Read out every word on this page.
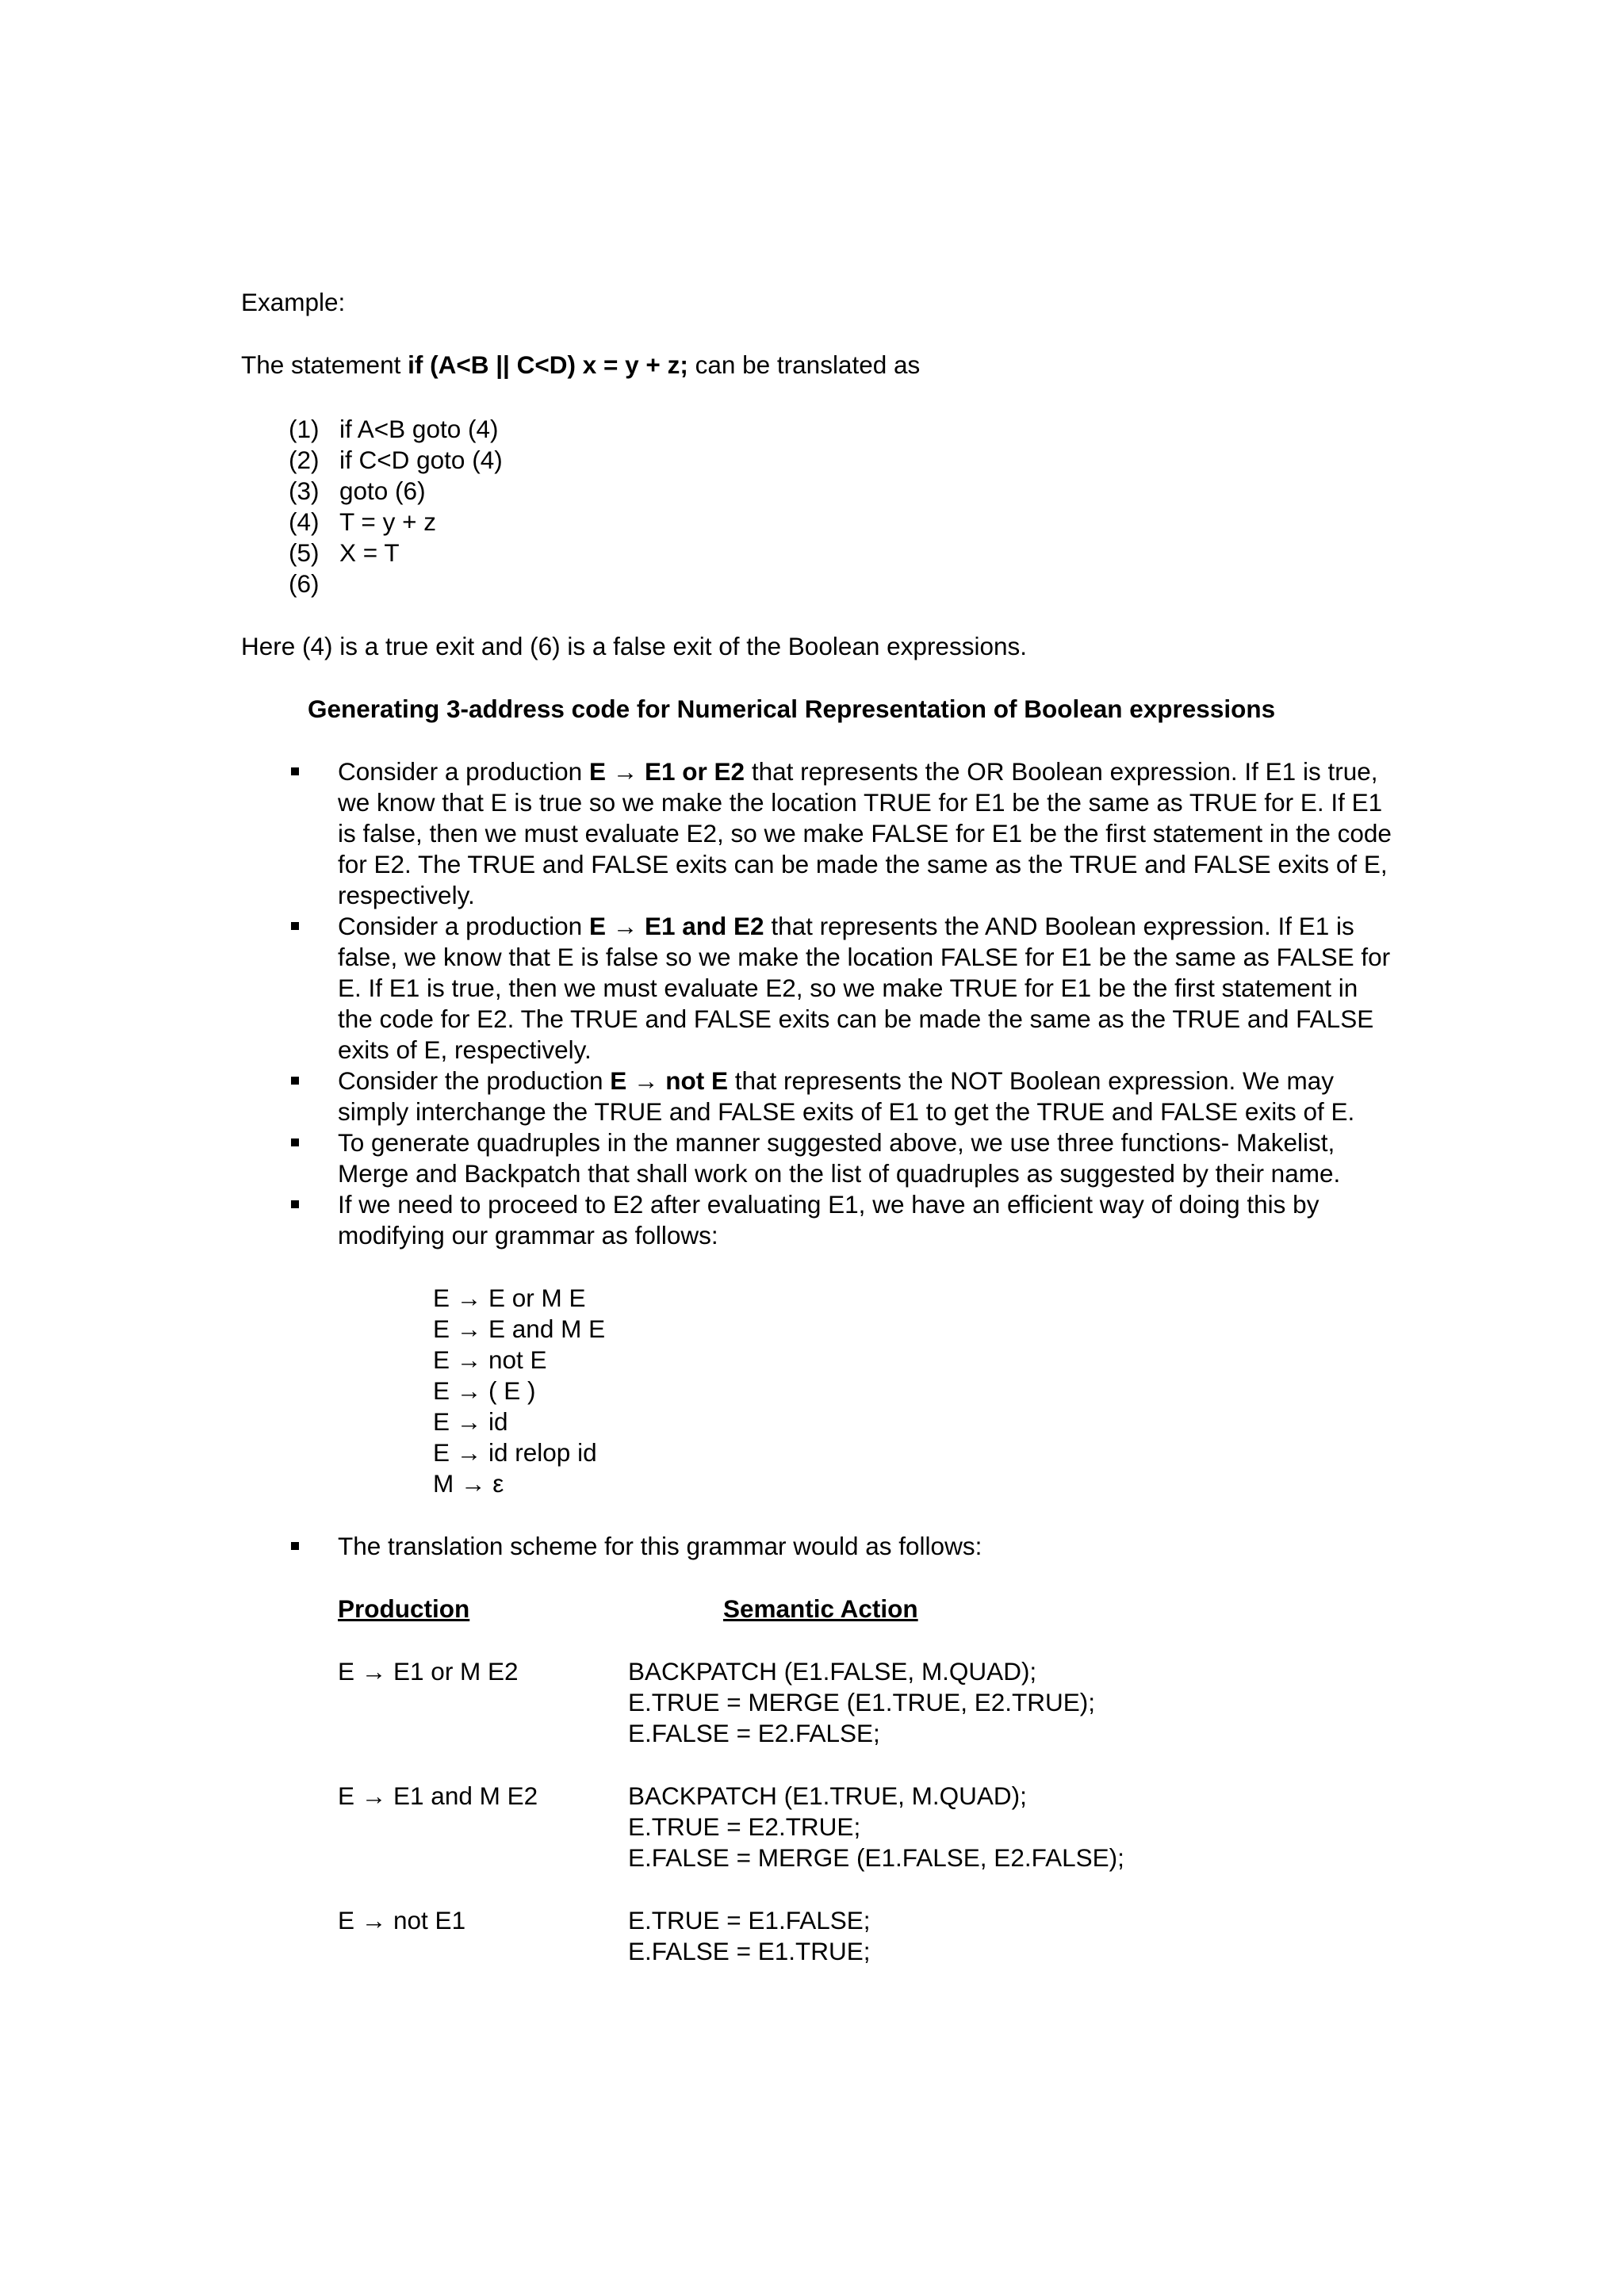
Example:

The statement if (A<B || C<D) x = y + z; can be translated as

(1) if A<B goto (4)
(2) if C<D goto (4)
(3) goto (6)
(4) T = y + z
(5) X = T
(6)

Here (4) is a true exit and (6) is a false exit of the Boolean expressions.

Generating 3-address code for Numerical Representation of Boolean expressions

Consider a production E → E1 or E2 that represents the OR Boolean expression. If E1 is true, we know that E is true so we make the location TRUE for E1 be the same as TRUE for E. If E1 is false, then we must evaluate E2, so we make FALSE for E1 be the first statement in the code for E2. The TRUE and FALSE exits can be made the same as the TRUE and FALSE exits of E, respectively.
Consider a production E → E1 and E2 that represents the AND Boolean expression. If E1 is false, we know that E is false so we make the location FALSE for E1 be the same as FALSE for E. If E1 is true, then we must evaluate E2, so we make TRUE for E1 be the first statement in the code for E2. The TRUE and FALSE exits can be made the same as the TRUE and FALSE exits of E, respectively.
Consider the production E → not E that represents the NOT Boolean expression. We may simply interchange the TRUE and FALSE exits of E1 to get the TRUE and FALSE exits of E.
To generate quadruples in the manner suggested above, we use three functions- Makelist, Merge and Backpatch that shall work on the list of quadruples as suggested by their name.
If we need to proceed to E2 after evaluating E1, we have an efficient way of doing this by modifying our grammar as follows:
E → E or M E
E → E and M E
E → not E
E → ( E )
E → id
E → id relop id
M → ε
The translation scheme for this grammar would as follows:
Production	Semantic Action
E → E1 or M E2	BACKPATCH (E1.FALSE, M.QUAD);
E.TRUE = MERGE (E1.TRUE, E2.TRUE);
E.FALSE = E2.FALSE;
E → E1 and M E2	BACKPATCH (E1.TRUE, M.QUAD);
E.TRUE = E2.TRUE;
E.FALSE = MERGE (E1.FALSE, E2.FALSE);
E → not E1	E.TRUE = E1.FALSE;
E.FALSE = E1.TRUE;
